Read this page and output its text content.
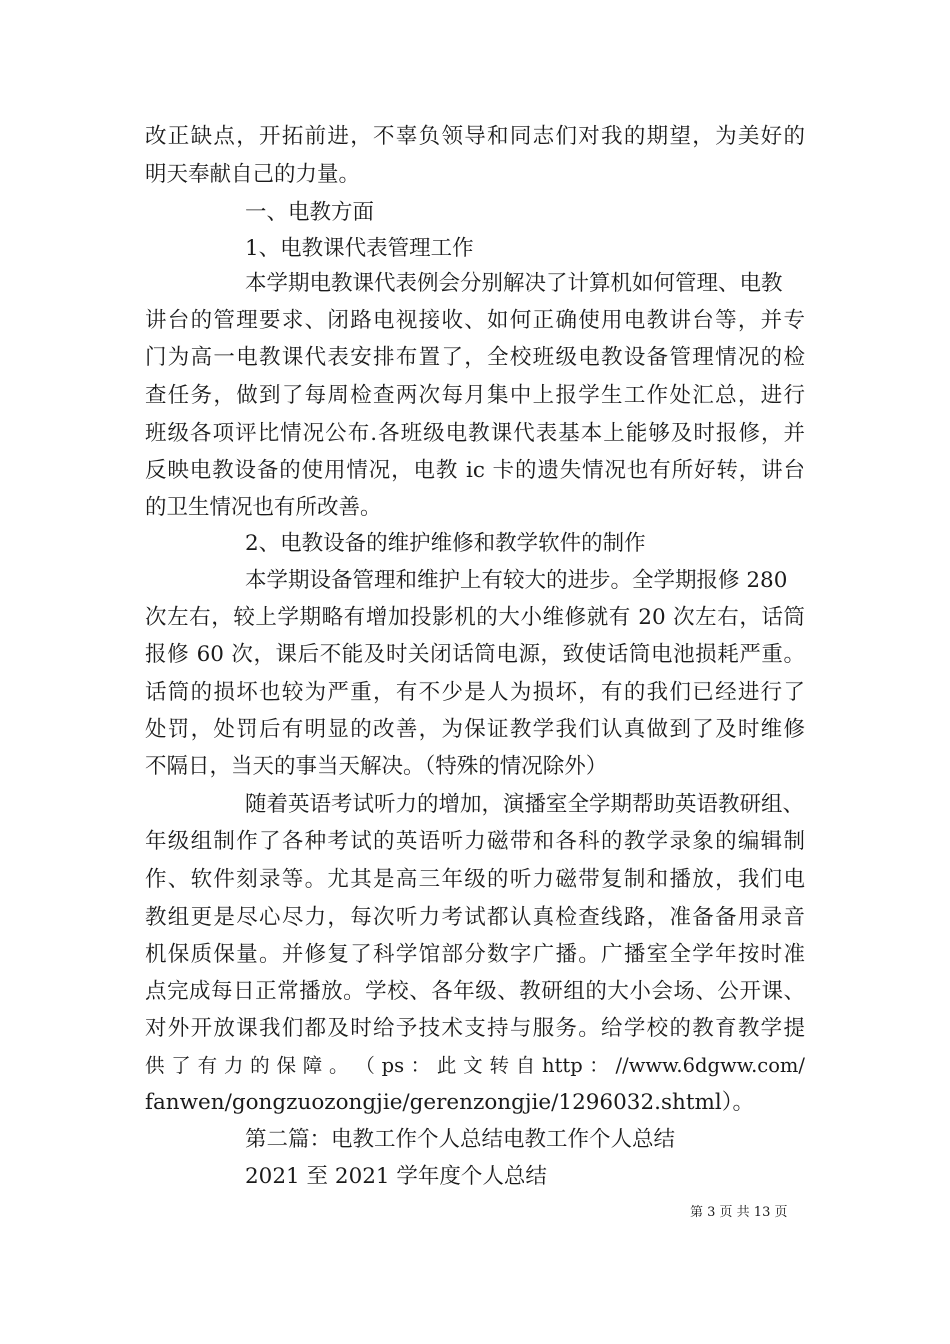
改正缺点，开拓前进，不辜负领导和同志们对我的期望，为美好的
明天奉献自己的力量。
一、电教方面
1、电教课代表管理工作
本学期电教课代表例会分别解决了计算机如何管理、电教
讲台的管理要求、闭路电视接收、如何正确使用电教讲台等，并专
门为高一电教课代表安排布置了，全校班级电教设备管理情况的检
查任务，做到了每周检查两次每月集中上报学生工作处汇总，进行
班级各项评比情况公布.各班级电教课代表基本上能够及时报修，并
反映电教设备的使用情况，电教 ic 卡的遗失情况也有所好转，讲台
的卫生情况也有所改善。
2、电教设备的维护维修和教学软件的制作
本学期设备管理和维护上有较大的进步。全学期报修 280
次左右，较上学期略有增加投影机的大小维修就有 20 次左右，话筒
报修 60 次，课后不能及时关闭话筒电源，致使话筒电池损耗严重。
话筒的损坏也较为严重，有不少是人为损坏，有的我们已经进行了
处罚，处罚后有明显的改善，为保证教学我们认真做到了及时维修
不隔日，当天的事当天解决。（特殊的情况除外）
随着英语考试听力的增加，演播室全学期帮助英语教研组、
年级组制作了各种考试的英语听力磁带和各科的教学录象的编辑制
作、软件刻录等。尤其是高三年级的听力磁带复制和播放，我们电
教组更是尽心尽力，每次听力考试都认真检查线路，准备备用录音
机保质保量。并修复了科学馆部分数字广播。广播室全学年按时准
点完成每日正常播放。学校、各年级、教研组的大小会场、公开课、
对外开放课我们都及时给予技术支持与服务。给学校的教育教学提
供 了 有 力 的 保 障 。 （ ps ： 此 文 转 自 http ： //www.6dgww.com/
fanwen/gongzuozongjie/gerenzongjie/1296032.shtml）。
第二篇：电教工作个人总结电教工作个人总结
2021 至 2021 学年度个人总结
第 3 页 共 13 页
